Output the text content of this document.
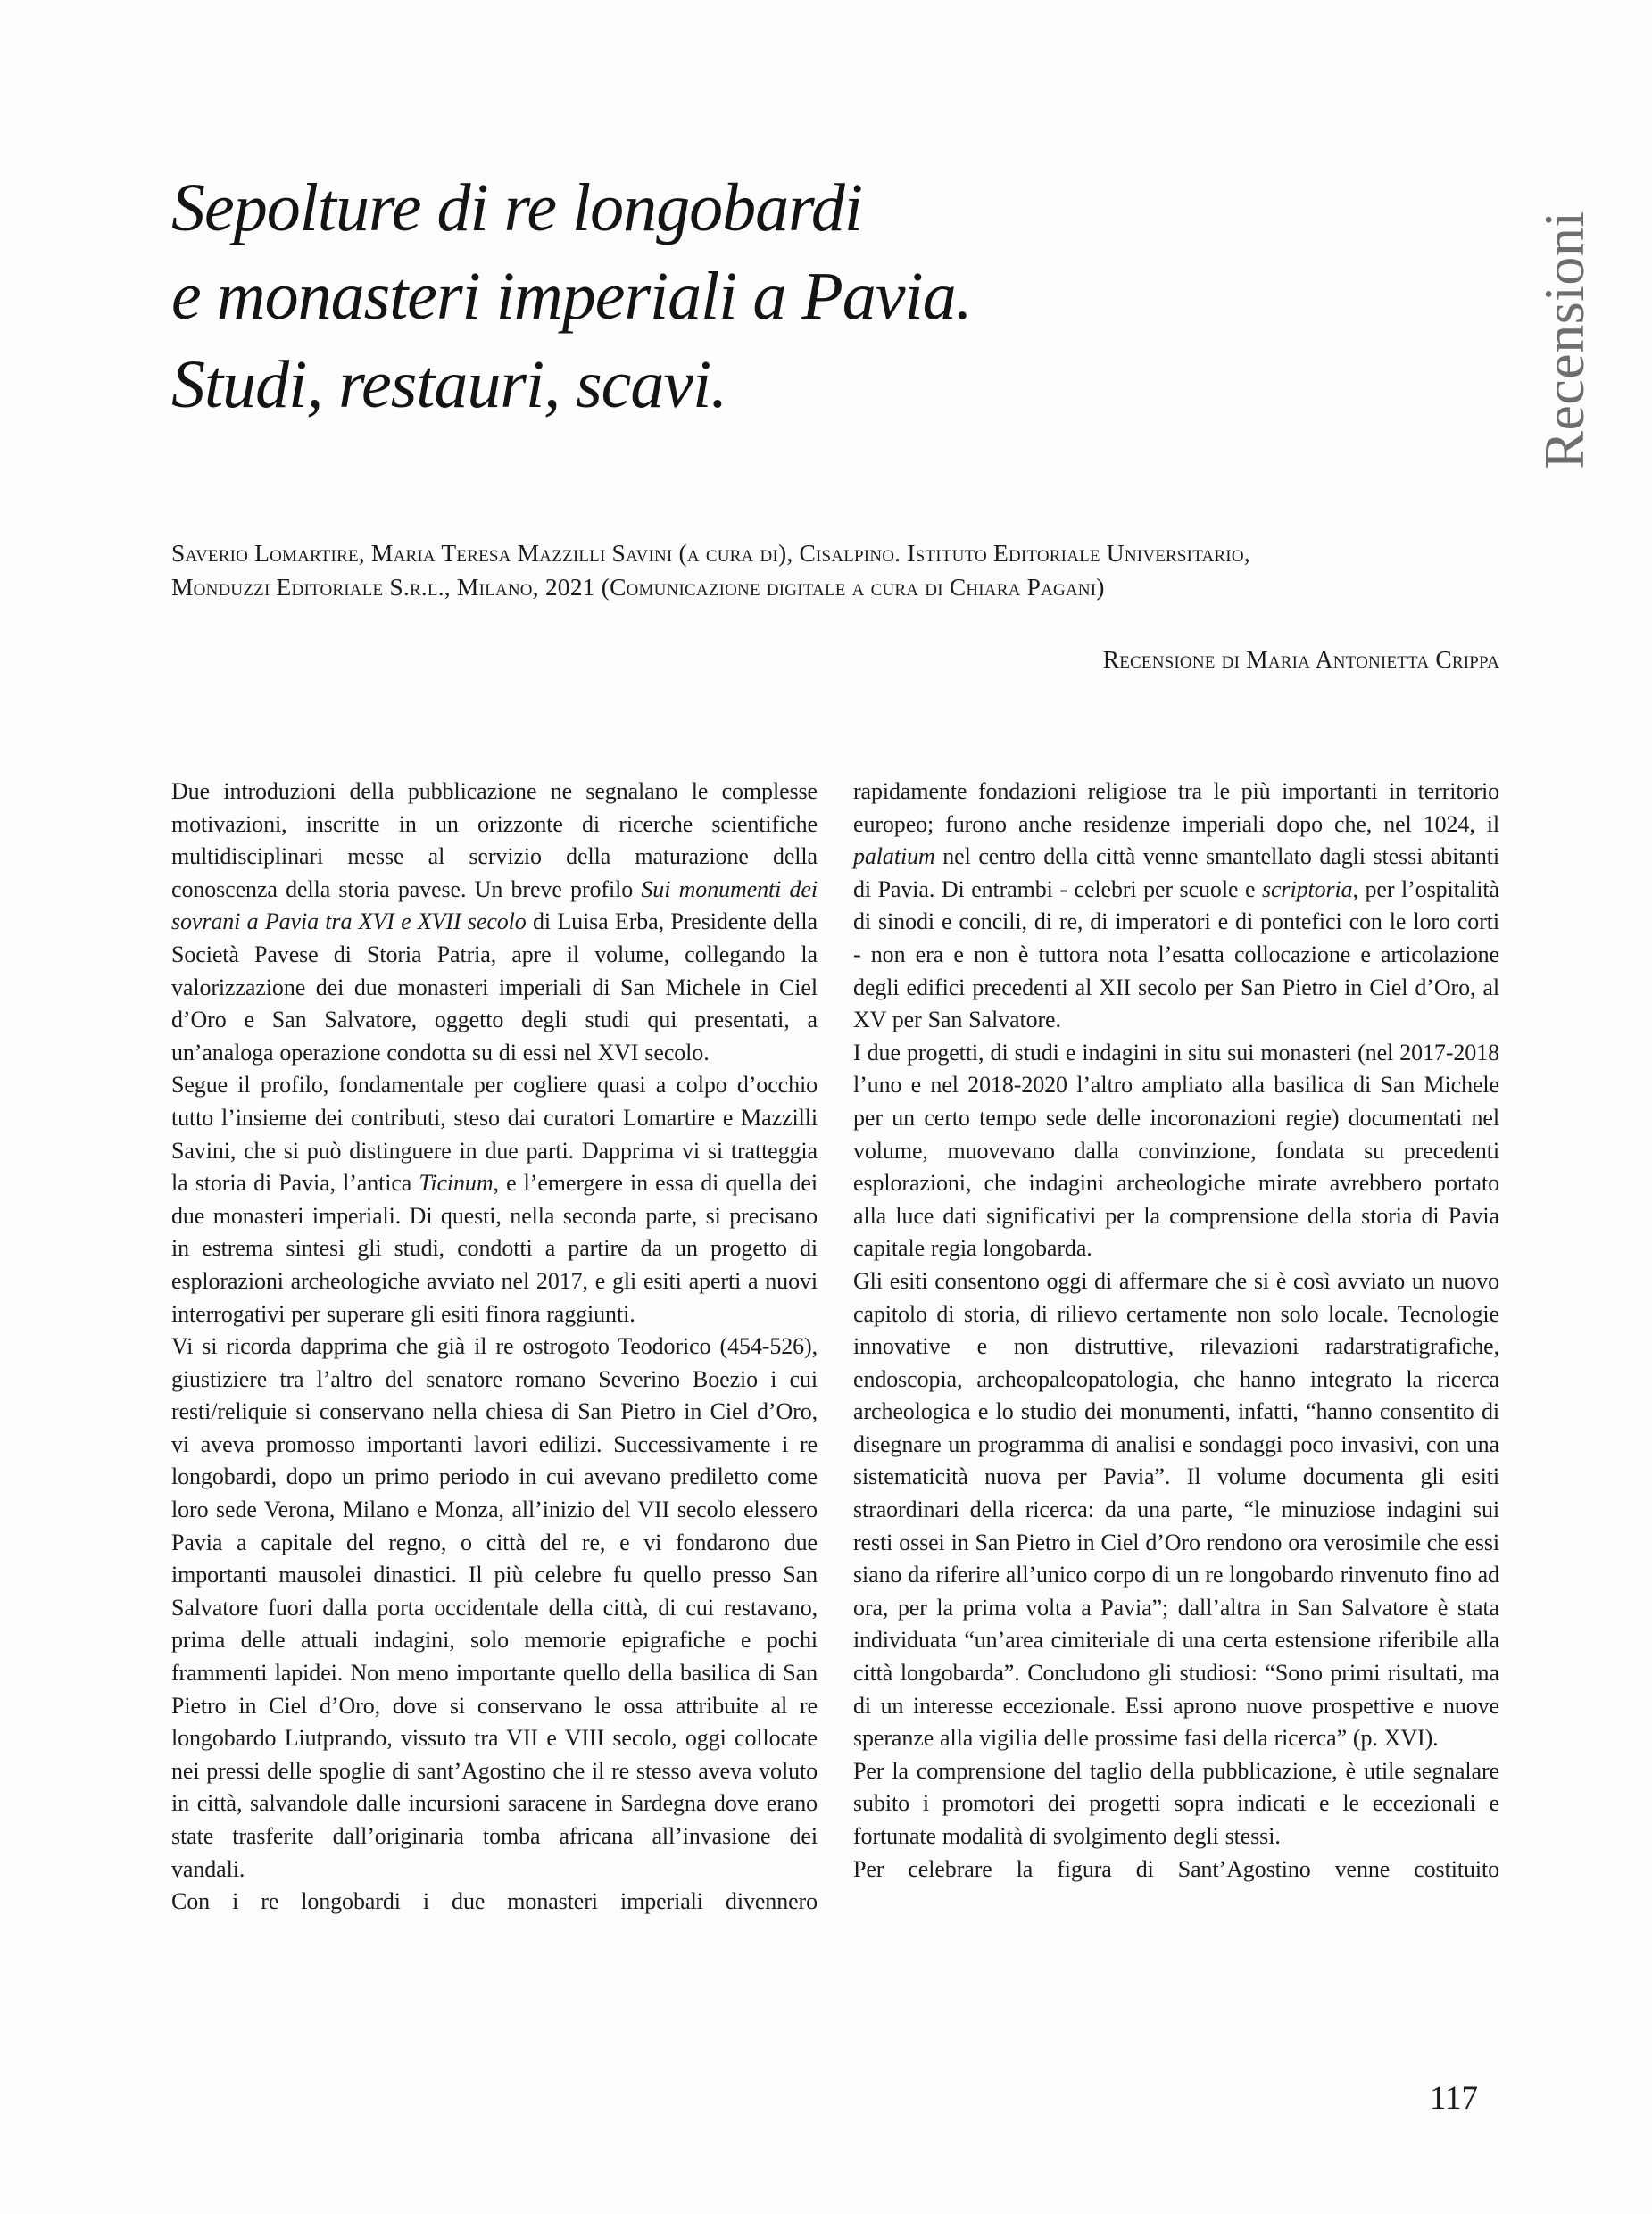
Sepolture di re longobardi
e monasteri imperiali a Pavia.
Studi, restauri, scavi.	Recensioni
Saverio Lomartire, Maria Teresa Mazzilli Savini (a cura di), Cisalpino. Istituto Editoriale Universitario,
Monduzzi Editoriale S.r.l., Milano, 2021 (Comunicazione digitale a cura di Chiara Pagani)
Recensione di Maria Antonietta Crippa

Due introduzioni della pubblicazione ne segnalano le complesse motivazioni, inscritte in un orizzonte di ricerche scientifiche multidisciplinari messe al servizio della maturazione della conoscenza della storia pavese. Un breve profilo Sui monumenti dei sovrani a Pavia tra XVI e XVII secolo di Luisa Erba, Presidente della Società Pavese di Storia Patria, apre il volume, collegando la valorizzazione dei due monasteri imperiali di San Michele in Ciel d’Oro e San Salvatore, oggetto degli studi qui presentati, a un’analoga operazione condotta su di essi nel XVI secolo.

Segue il profilo, fondamentale per cogliere quasi a colpo d’occhio tutto l’insieme dei contributi, steso dai curatori Lomartire e Mazzilli Savini, che si può distinguere in due parti. Dapprima vi si tratteggia la storia di Pavia, l’antica Ticinum, e l’emergere in essa di quella dei due monasteri imperiali. Di questi, nella seconda parte, si precisano in estrema sintesi gli studi, condotti a partire da un progetto di esplorazioni archeologiche avviato nel 2017, e gli esiti aperti a nuovi interrogativi per superare gli esiti finora raggiunti.

Vi si ricorda dapprima che già il re ostrogoto Teodorico (454-526), giustiziere tra l’altro del senatore romano Severino Boezio i cui resti/reliquie si conservano nella chiesa di San Pietro in Ciel d’Oro, vi aveva promosso importanti lavori edilizi. Successivamente i re longobardi, dopo un primo periodo in cui avevano prediletto come loro sede Verona, Milano e Monza, all’inizio del VII secolo elessero Pavia a capitale del regno, o città del re, e vi fondarono due importanti mausolei dinastici. Il più celebre fu quello presso San Salvatore fuori dalla porta occidentale della città, di cui restavano, prima delle attuali indagini, solo memorie epigrafiche e pochi frammenti lapidei. Non meno importante quello della basilica di San Pietro in Ciel d’Oro, dove si conservano le ossa attribuite al re longobardo Liutprando, vissuto tra VII e VIII secolo, oggi collocate nei pressi delle spoglie di sant’Agostino che il re stesso aveva voluto in città, salvandole dalle incursioni saracene in Sardegna dove erano state trasferite dall’originaria tomba africana all’invasione dei vandali.

Con i re longobardi i due monasteri imperiali divennero

rapidamente fondazioni religiose tra le più importanti in territorio europeo; furono anche residenze imperiali dopo che, nel 1024, il palatium nel centro della città venne smantellato dagli stessi abitanti di Pavia. Di entrambi - celebri per scuole e scriptoria, per l’ospitalità di sinodi e concili, di re, di imperatori e di pontefici con le loro corti - non era e non è tuttora nota l’esatta collocazione e articolazione degli edifici precedenti al XII secolo per San Pietro in Ciel d’Oro, al XV per San Salvatore.

I due progetti, di studi e indagini in situ sui monasteri (nel 2017-2018 l’uno e nel 2018-2020 l’altro ampliato alla basilica di San Michele per un certo tempo sede delle incoronazioni regie) documentati nel volume, muovevano dalla convinzione, fondata su precedenti esplorazioni, che indagini archeologiche mirate avrebbero portato alla luce dati significativi per la comprensione della storia di Pavia capitale regia longobarda.

Gli esiti consentono oggi di affermare che si è così avviato un nuovo capitolo di storia, di rilievo certamente non solo locale. Tecnologie innovative e non distruttive, rilevazioni radarstratigrafiche, endoscopia, archeopaleopatologia, che hanno integrato la ricerca archeologica e lo studio dei monumenti, infatti, “hanno consentito di disegnare un programma di analisi e sondaggi poco invasivi, con una sistematicità nuova per Pavia”. Il volume documenta gli esiti straordinari della ricerca: da una parte, “le minuziose indagini sui resti ossei in San Pietro in Ciel d’Oro rendono ora verosimile che essi siano da riferire all’unico corpo di un re longobardo rinvenuto fino ad ora, per la prima volta a Pavia”; dall’altra in San Salvatore è stata individuata “un’area cimiteriale di una certa estensione riferibile alla città longobarda”. Concludono gli studiosi: “Sono primi risultati, ma di un interesse eccezionale. Essi aprono nuove prospettive e nuove speranze alla vigilia delle prossime fasi della ricerca” (p. XVI).

Per la comprensione del taglio della pubblicazione, è utile segnalare subito i promotori dei progetti sopra indicati e le eccezionali e fortunate modalità di svolgimento degli stessi.

Per celebrare la figura di Sant’Agostino venne costituito

117
